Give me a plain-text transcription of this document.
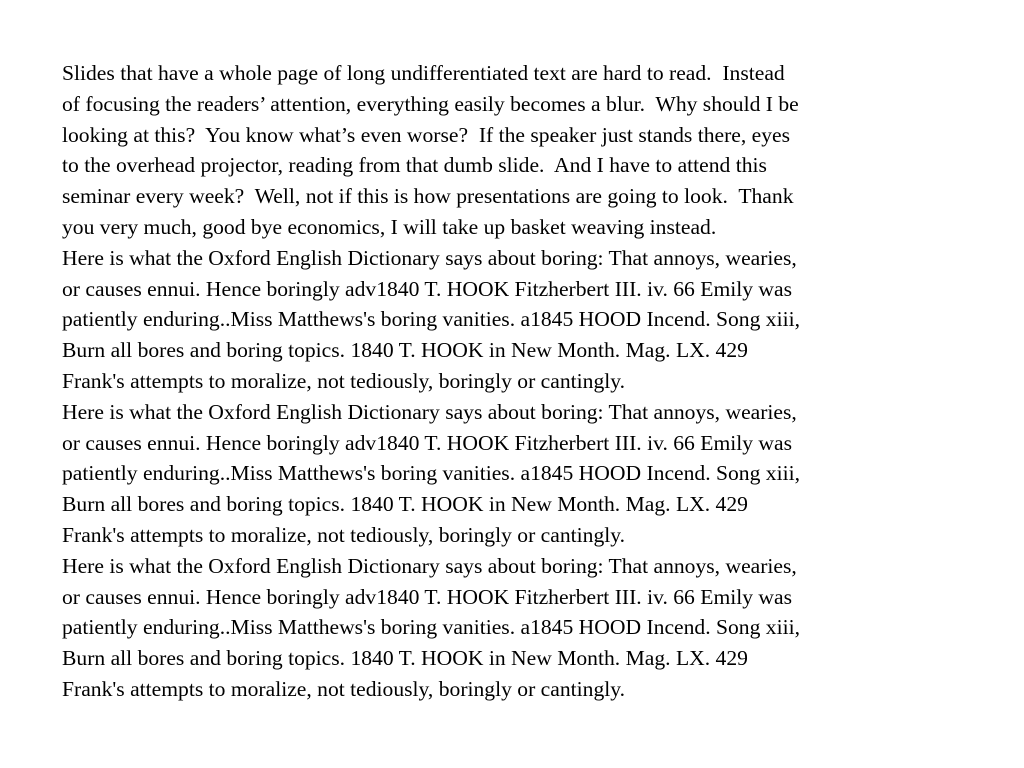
Slides that have a whole page of long undifferentiated text are hard to read.  Instead
of focusing the readers’ attention, everything easily becomes a blur.  Why should I be
looking at this?  You know what’s even worse?  If the speaker just stands there, eyes
to the overhead projector, reading from that dumb slide.  And I have to attend this
seminar every week?  Well, not if this is how presentations are going to look.  Thank
you very much, good bye economics, I will take up basket weaving instead.
Here is what the Oxford English Dictionary says about boring: That annoys, wearies,
or causes ennui. Hence boringly adv1840 T. HOOK Fitzherbert III. iv. 66 Emily was
patiently enduring..Miss Matthews's boring vanities. a1845 HOOD Incend. Song xiii,
Burn all bores and boring topics. 1840 T. HOOK in New Month. Mag. LX. 429
Frank's attempts to moralize, not tediously, boringly or cantingly.
Here is what the Oxford English Dictionary says about boring: That annoys, wearies,
or causes ennui. Hence boringly adv1840 T. HOOK Fitzherbert III. iv. 66 Emily was
patiently enduring..Miss Matthews's boring vanities. a1845 HOOD Incend. Song xiii,
Burn all bores and boring topics. 1840 T. HOOK in New Month. Mag. LX. 429
Frank's attempts to moralize, not tediously, boringly or cantingly.
Here is what the Oxford English Dictionary says about boring: That annoys, wearies,
or causes ennui. Hence boringly adv1840 T. HOOK Fitzherbert III. iv. 66 Emily was
patiently enduring..Miss Matthews's boring vanities. a1845 HOOD Incend. Song xiii,
Burn all bores and boring topics. 1840 T. HOOK in New Month. Mag. LX. 429
Frank's attempts to moralize, not tediously, boringly or cantingly.
